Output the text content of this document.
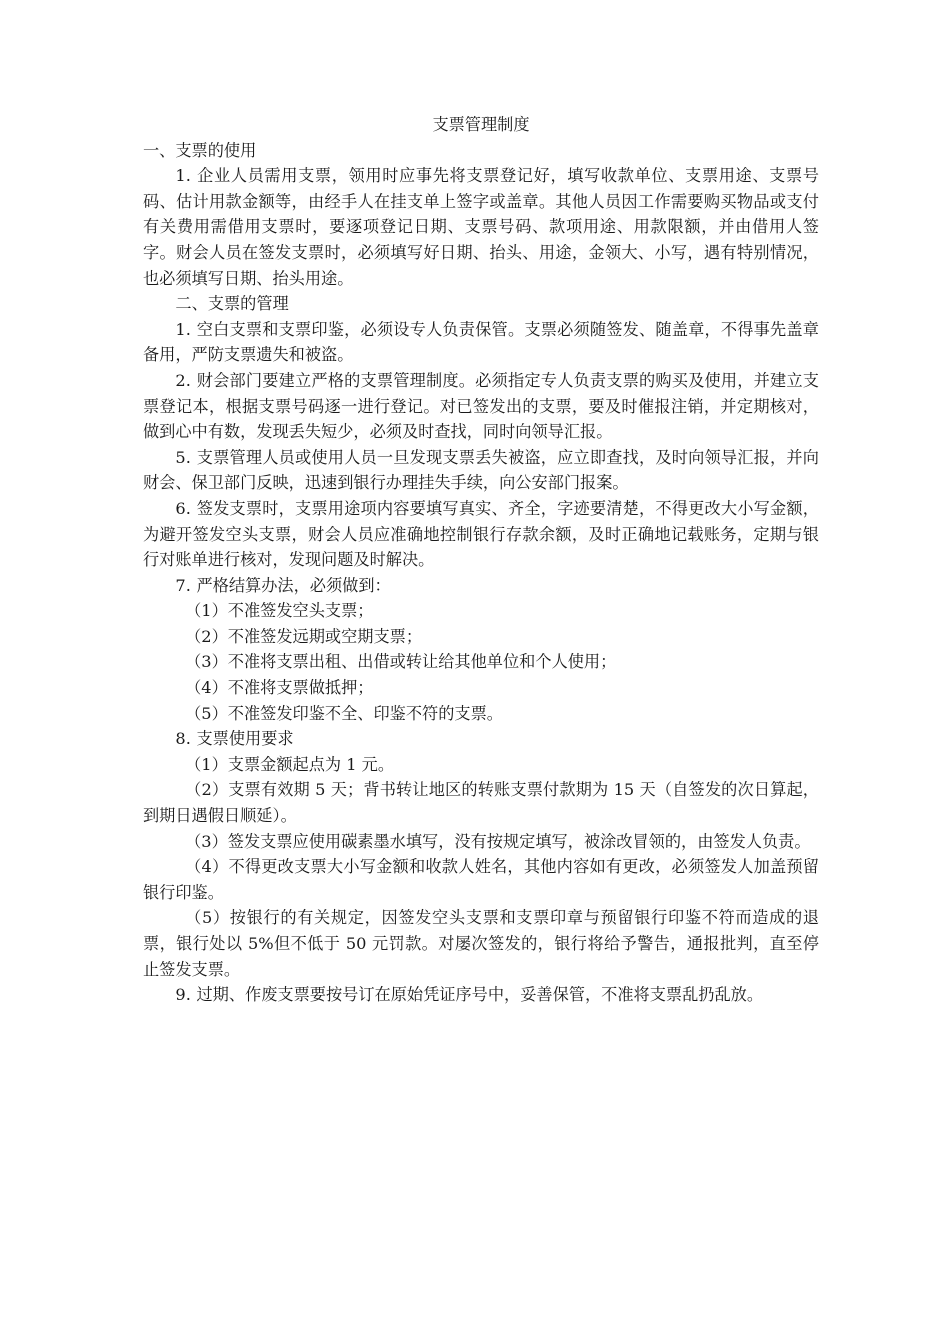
支票管理制度

一、支票的使用

1. 企业人员需用支票，领用时应事先将支票登记好，填写收款单位、支票用途、支票号码、估计用款金额等，由经手人在挂支单上签字或盖章。其他人员因工作需要购买物品或支付有关费用需借用支票时，要逐项登记日期、支票号码、款项用途、用款限额，并由借用人签字。财会人员在签发支票时，必须填写好日期、抬头、用途，金领大、小写，遇有特别情况，也必须填写日期、抬头用途。

二、支票的管理

1. 空白支票和支票印鉴，必须设专人负责保管。支票必须随签发、随盖章，不得事先盖章备用，严防支票遗失和被盗。

2. 财会部门要建立严格的支票管理制度。必须指定专人负责支票的购买及使用，并建立支票登记本，根据支票号码逐一进行登记。对已签发出的支票，要及时催报注销，并定期核对，做到心中有数，发现丢失短少，必须及时查找，同时向领导汇报。

5. 支票管理人员或使用人员一旦发现支票丢失被盗，应立即查找，及时向领导汇报，并向财会、保卫部门反映，迅速到银行办理挂失手续，向公安部门报案。

6. 签发支票时，支票用途项内容要填写真实、齐全，字迹要清楚，不得更改大小写金额，为避开签发空头支票，财会人员应准确地控制银行存款余额，及时正确地记载账务，定期与银行对账单进行核对，发现问题及时解决。

7. 严格结算办法，必须做到：

（1）不准签发空头支票；

（2）不准签发远期或空期支票；

（3）不准将支票出租、出借或转让给其他单位和个人使用；

（4）不准将支票做抵押；

（5）不准签发印鉴不全、印鉴不符的支票。

8. 支票使用要求

（1）支票金额起点为 1 元。

（2）支票有效期 5 天；背书转让地区的转账支票付款期为 15 天（自签发的次日算起，到期日遇假日顺延）。

（3）签发支票应使用碳素墨水填写，没有按规定填写，被涂改冒领的，由签发人负责。

（4）不得更改支票大小写金额和收款人姓名，其他内容如有更改，必须签发人加盖预留银行印鉴。

（5）按银行的有关规定，因签发空头支票和支票印章与预留银行印鉴不符而造成的退票，银行处以 5%但不低于 50 元罚款。对屡次签发的，银行将给予警告，通报批判，直至停止签发支票。

9. 过期、作废支票要按号订在原始凭证序号中，妥善保管，不准将支票乱扔乱放。
